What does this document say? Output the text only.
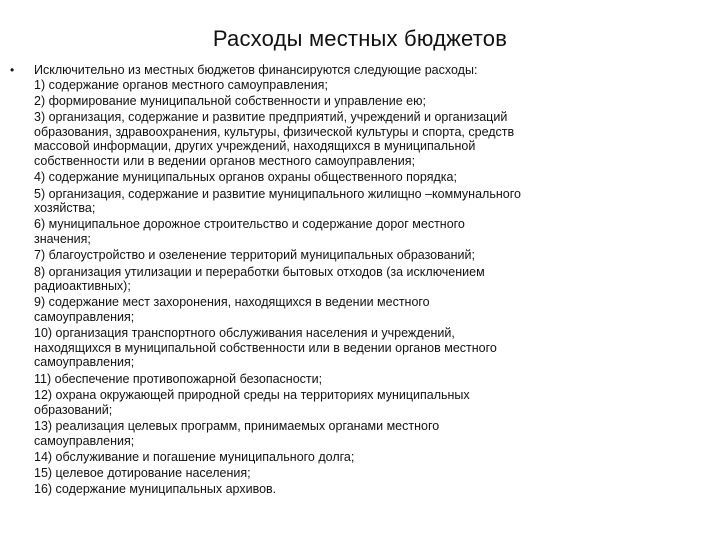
Расходы местных бюджетов
• Исключительно из местных бюджетов финансируются следующие расходы:
1) содержание органов местного самоуправления;
2) формирование муниципальной собственности и управление ею;
3) организация, содержание и развитие предприятий, учреждений и организаций
образования, здравоохранения, культуры, физической культуры и спорта, средств
массовой информации, других учреждений, находящихся в муниципальной
собственности или в ведении органов местного самоуправления;
4) содержание муниципальных органов охраны общественного порядка;
5) организация, содержание и развитие муниципального жилищно –коммунального
хозяйства;
6) муниципальное дорожное строительство и содержание дорог местного
значения;
7) благоустройство и озеленение территорий муниципальных образований;
8) организация утилизации и переработки бытовых отходов (за исключением
радиоактивных);
9) содержание мест захоронения, находящихся в ведении местного
самоуправления;
10) организация транспортного обслуживания населения и учреждений,
находящихся в муниципальной собственности или в ведении органов местного
самоуправления;
11) обеспечение противопожарной безопасности;
12) охрана окружающей природной среды на территориях муниципальных
образований;
13) реализация целевых программ, принимаемых органами местного
самоуправления;
14) обслуживание и погашение муниципального долга;
15) целевое дотирование населения;
16) содержание муниципальных архивов.
